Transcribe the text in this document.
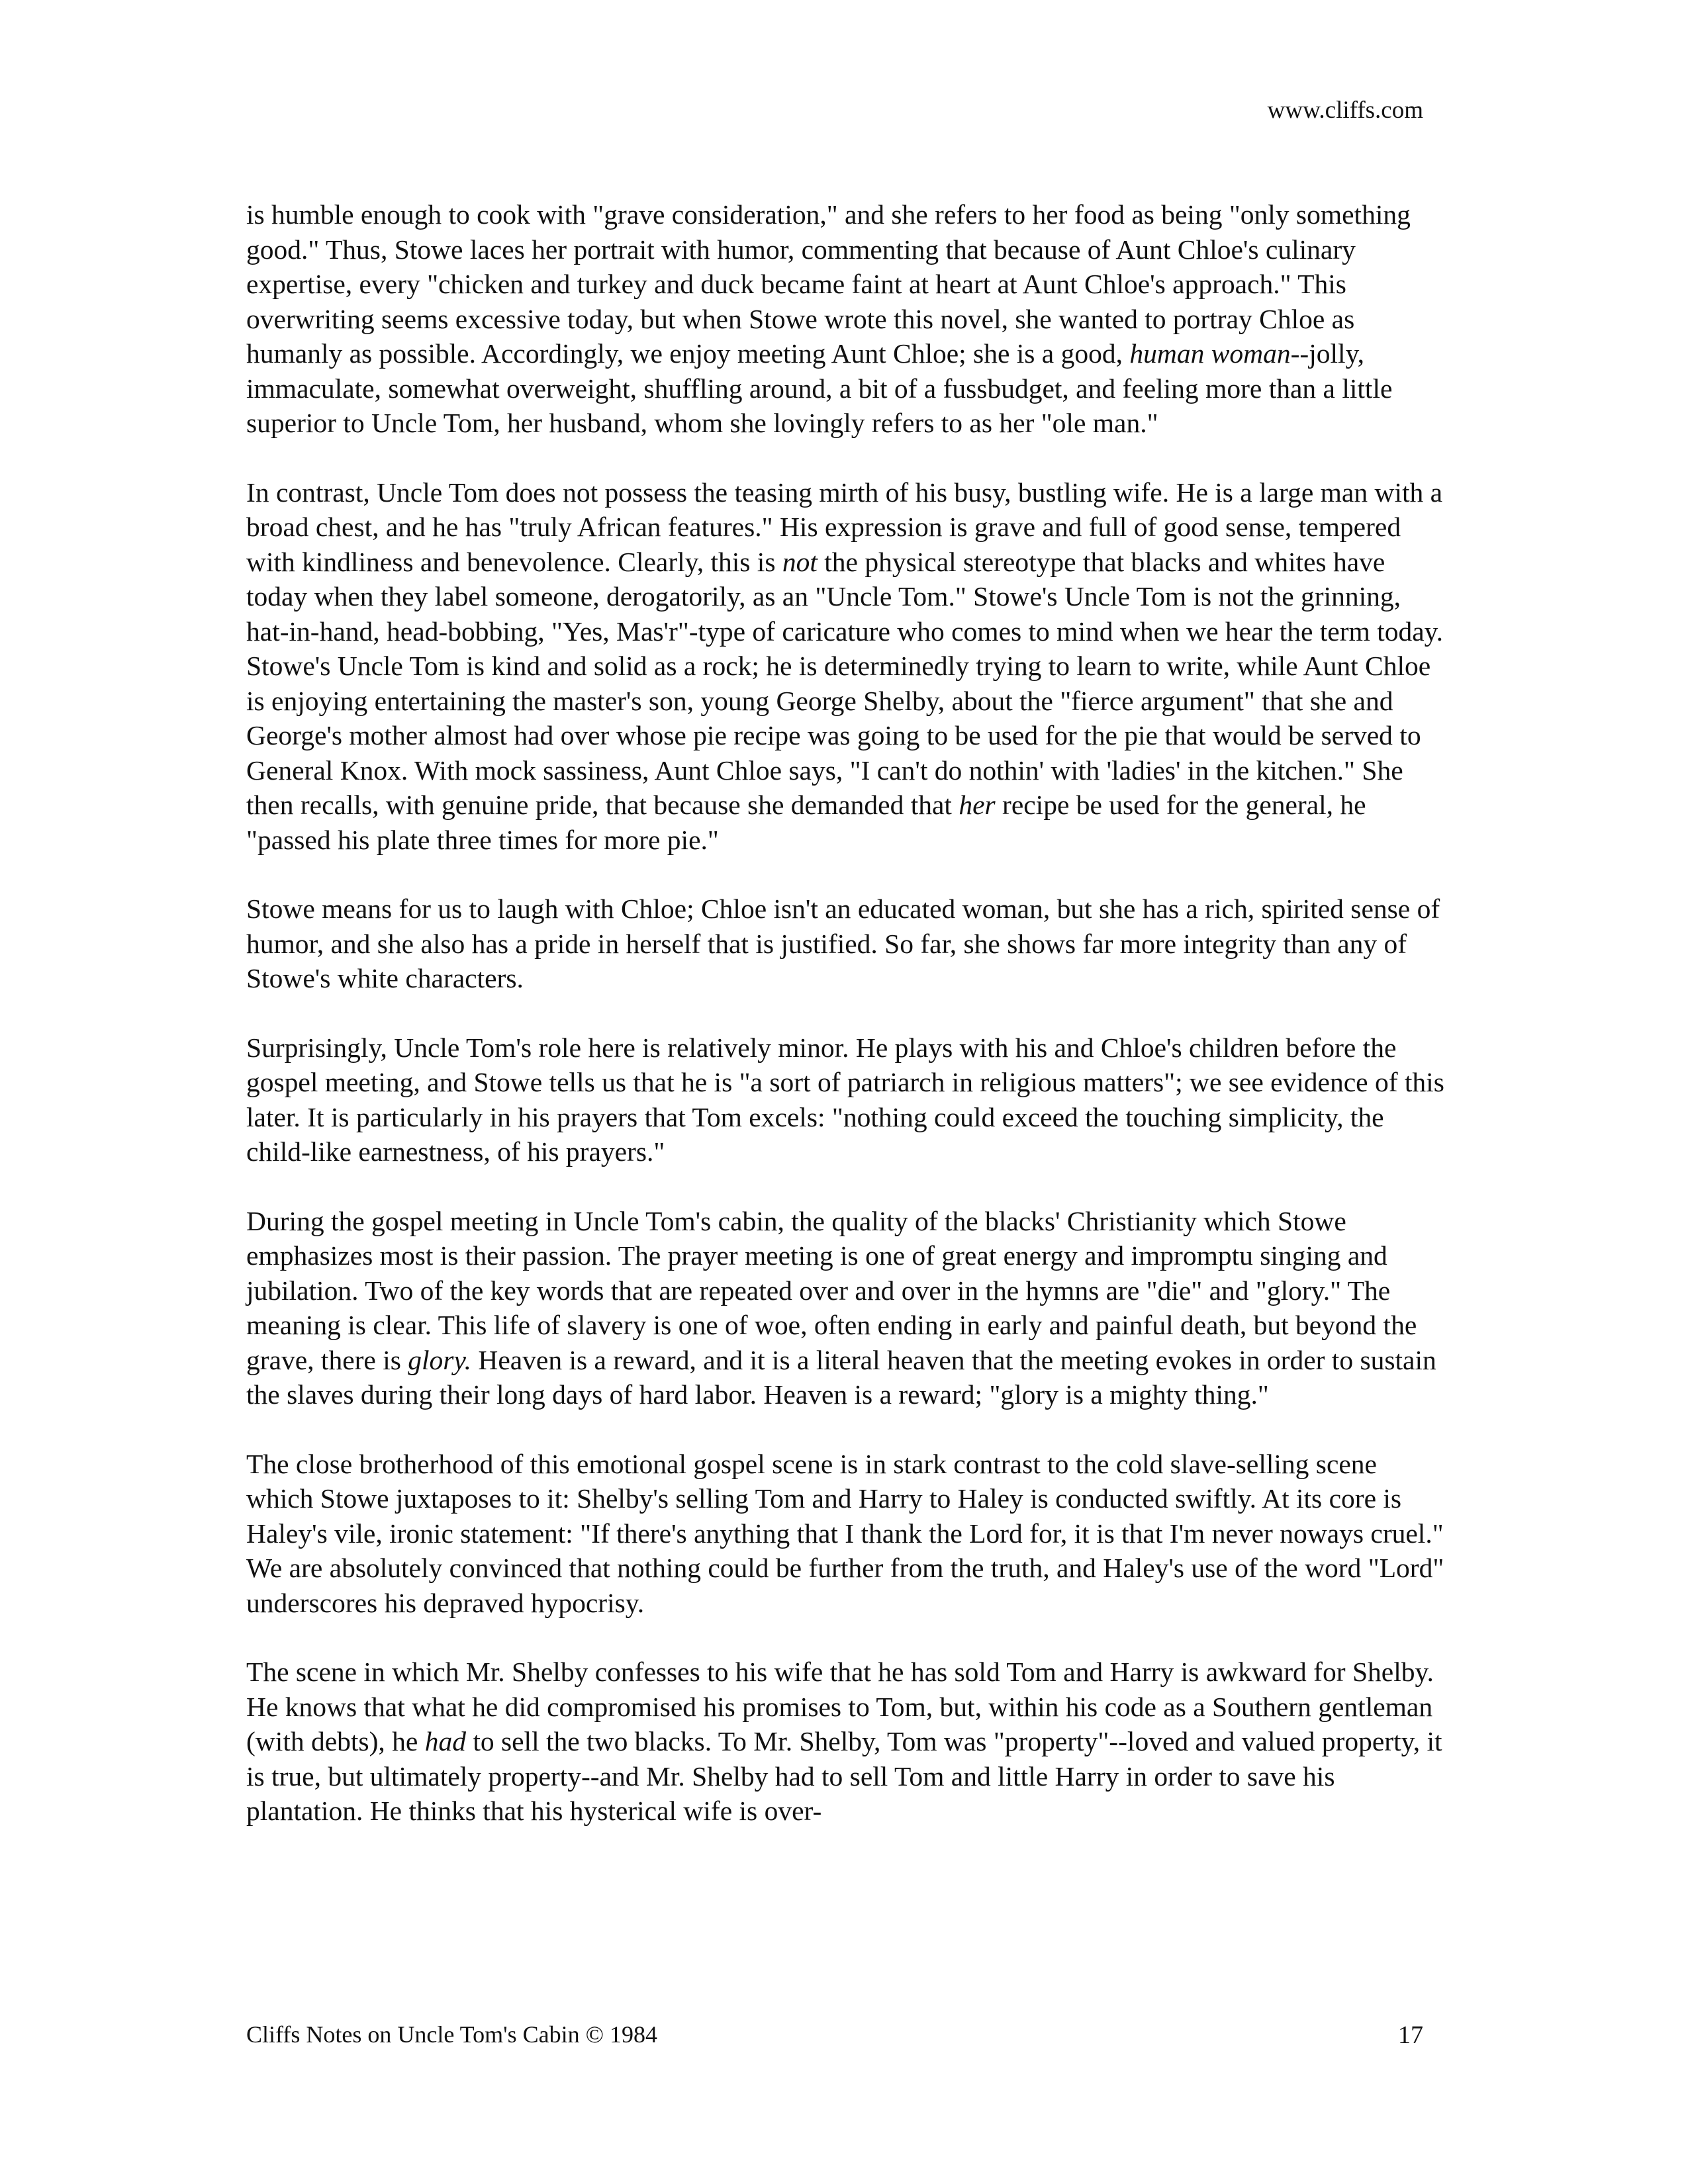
www.cliffs.com

is humble enough to cook with "grave consideration," and she refers to her food as being "only something good." Thus, Stowe laces her portrait with humor, commenting that because of Aunt Chloe's culinary expertise, every "chicken and turkey and duck became faint at heart at Aunt Chloe's approach." This overwriting seems excessive today, but when Stowe wrote this novel, she wanted to portray Chloe as humanly as possible. Accordingly, we enjoy meeting Aunt Chloe; she is a good, human woman--jolly, immaculate, somewhat overweight, shuffling around, a bit of a fussbudget, and feeling more than a little superior to Uncle Tom, her husband, whom she lovingly refers to as her "ole man."

In contrast, Uncle Tom does not possess the teasing mirth of his busy, bustling wife. He is a large man with a broad chest, and he has "truly African features." His expression is grave and full of good sense, tempered with kindliness and benevolence. Clearly, this is not the physical stereotype that blacks and whites have today when they label someone, derogatorily, as an "Uncle Tom." Stowe's Uncle Tom is not the grinning, hat-in-hand, head-bobbing, "Yes, Mas'r"-type of caricature who comes to mind when we hear the term today. Stowe's Uncle Tom is kind and solid as a rock; he is determinedly trying to learn to write, while Aunt Chloe is enjoying entertaining the master's son, young George Shelby, about the "fierce argument" that she and George's mother almost had over whose pie recipe was going to be used for the pie that would be served to General Knox. With mock sassiness, Aunt Chloe says, "I can't do nothin' with 'ladies' in the kitchen." She then recalls, with genuine pride, that because she demanded that her recipe be used for the general, he "passed his plate three times for more pie."

Stowe means for us to laugh with Chloe; Chloe isn't an educated woman, but she has a rich, spirited sense of humor, and she also has a pride in herself that is justified. So far, she shows far more integrity than any of Stowe's white characters.

Surprisingly, Uncle Tom's role here is relatively minor. He plays with his and Chloe's children before the gospel meeting, and Stowe tells us that he is "a sort of patriarch in religious matters"; we see evidence of this later. It is particularly in his prayers that Tom excels: "nothing could exceed the touching simplicity, the child-like earnestness, of his prayers."

During the gospel meeting in Uncle Tom's cabin, the quality of the blacks' Christianity which Stowe emphasizes most is their passion. The prayer meeting is one of great energy and impromptu singing and jubilation. Two of the key words that are repeated over and over in the hymns are "die" and "glory." The meaning is clear. This life of slavery is one of woe, often ending in early and painful death, but beyond the grave, there is glory. Heaven is a reward, and it is a literal heaven that the meeting evokes in order to sustain the slaves during their long days of hard labor. Heaven is a reward; "glory is a mighty thing."

The close brotherhood of this emotional gospel scene is in stark contrast to the cold slave-selling scene which Stowe juxtaposes to it: Shelby's selling Tom and Harry to Haley is conducted swiftly. At its core is Haley's vile, ironic statement: "If there's anything that I thank the Lord for, it is that I'm never noways cruel." We are absolutely convinced that nothing could be further from the truth, and Haley's use of the word "Lord" underscores his depraved hypocrisy.

The scene in which Mr. Shelby confesses to his wife that he has sold Tom and Harry is awkward for Shelby. He knows that what he did compromised his promises to Tom, but, within his code as a Southern gentleman (with debts), he had to sell the two blacks. To Mr. Shelby, Tom was "property"--loved and valued property, it is true, but ultimately property--and Mr. Shelby had to sell Tom and little Harry in order to save his plantation. He thinks that his hysterical wife is over-

Cliffs Notes on Uncle Tom's Cabin © 1984	17
